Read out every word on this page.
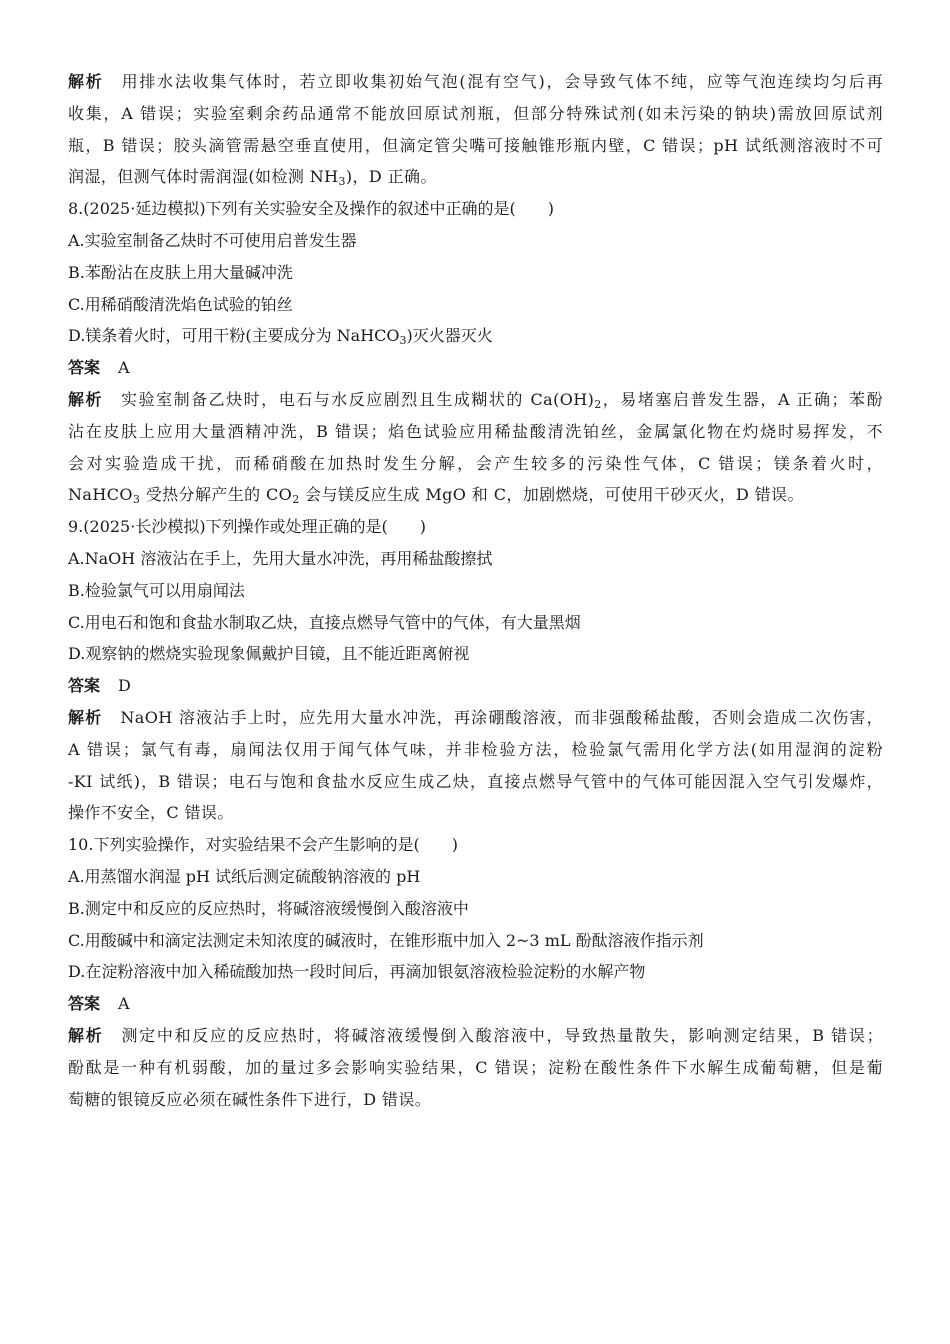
解析 用排水法收集气体时，若立即收集初始气泡(混有空气)，会导致气体不纯，应等气泡连续均匀后再
收集，A 错误；实验室剩余药品通常不能放回原试剂瓶，但部分特殊试剂(如未污染的钠块)需放回原试剂
瓶，B 错误；胶头滴管需悬空垂直使用，但滴定管尖嘴可接触锥形瓶内壁，C 错误；pH 试纸测溶液时不可
润湿，但测气体时需润湿(如检测 $NH_3$)，D 正确。
8.(2025·延边模拟)下列有关实验安全及操作的叙述中正确的是(　　)
A.实验室制备乙炔时不可使用启普发生器
B.苯酚沾在皮肤上用大量碱冲洗
C.用稀硝酸清洗焰色试验的铂丝
D.镁条着火时，可用干粉(主要成分为 NaHCO$_3$)灭火器灭火
答案 A
解析 实验室制备乙炔时，电石与水反应剧烈且生成糊状的 $Ca(OH)_2$，易堵塞启普发生器，A 正确；苯酚
沾在皮肤上应用大量酒精冲洗，B 错误；焰色试验应用稀盐酸清洗铂丝，金属氯化物在灼烧时易挥发，不
会对实验造成干扰，而稀硝酸在加热时发生分解，会产生较多的污染性气体，C 错误；镁条着火时，
NaHCO$_3$ 受热分解产生的 $CO_2$ 会与镁反应生成 MgO 和 C，加剧燃烧，可使用干砂灭火，D 错误。
9.(2025·长沙模拟)下列操作或处理正确的是(　　)
A.NaOH 溶液沾在手上，先用大量水冲洗，再用稀盐酸擦拭
B.检验氯气可以用扇闻法
C.用电石和饱和食盐水制取乙炔，直接点燃导气管中的气体，有大量黑烟
D.观察钠的燃烧实验现象佩戴护目镜，且不能近距离俯视
答案 D
解析 NaOH 溶液沾手上时，应先用大量水冲洗，再涂硼酸溶液，而非强酸稀盐酸，否则会造成二次伤害，
A 错误；氯气有毒，扇闻法仅用于闻气体气味，并非检验方法，检验氯气需用化学方法(如用湿润的淀粉
-KI 试纸)，B 错误；电石与饱和食盐水反应生成乙炔，直接点燃导气管中的气体可能因混入空气引发爆炸，
操作不安全，C 错误。
10.下列实验操作，对实验结果不会产生影响的是(　　)
A.用蒸馏水润湿 pH 试纸后测定硫酸钠溶液的 pH
B.测定中和反应的反应热时，将碱溶液缓慢倒入酸溶液中
C.用酸碱中和滴定法测定未知浓度的碱液时，在锥形瓶中加入 2~3 mL 酚酞溶液作指示剂
D.在淀粉溶液中加入稀硫酸加热一段时间后，再滴加银氨溶液检验淀粉的水解产物
答案 A
解析 测定中和反应的反应热时，将碱溶液缓慢倒入酸溶液中，导致热量散失，影响测定结果，B 错误；
酚酞是一种有机弱酸，加的量过多会影响实验结果，C 错误；淀粉在酸性条件下水解生成葡萄糖，但是葡
萄糖的银镜反应必须在碱性条件下进行，D 错误。
